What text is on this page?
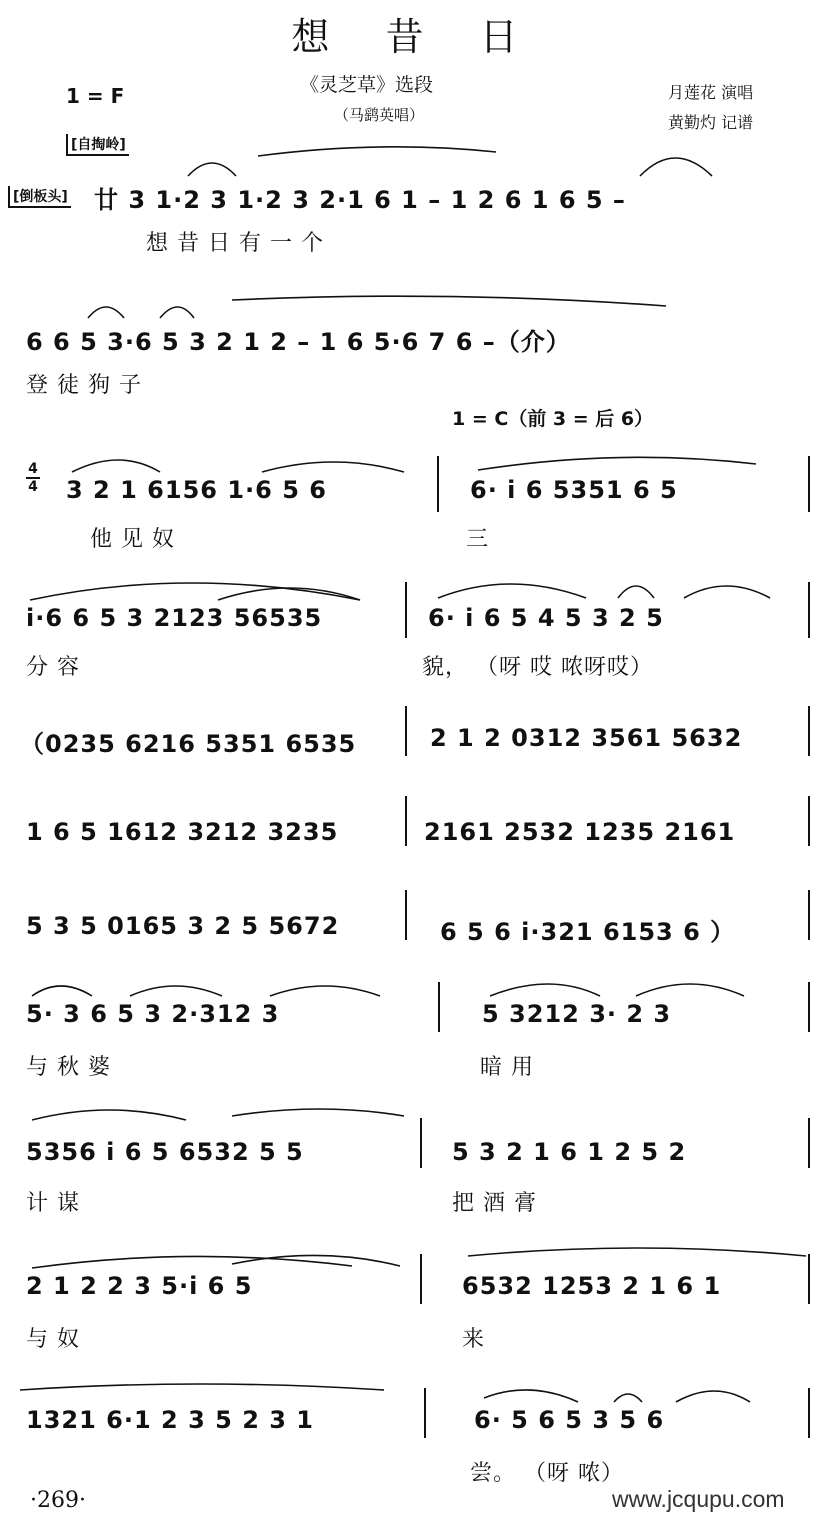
想 昔 日
《灵芝草》选段
（马鹞英唱）
1 = F	月莲花 演唱
黄勤灼 记谱
[自掏岭]
[倒板头] 廿 3 1·2 3 1·2 3 2·1 6 1 – 1 2 6 1 6 5 –
想 昔 日 有 一 个
6 6 5 3·6 5 3 2 1 2 – 1 6 5·6 7 6 –（介）
登 徒 狗 子
1 = C（前 3 = 后 6）
4
4 3 2 1 6156 1·6 5 6	6· i 6 5351 6 5
他 见 奴	三
i·6 6 5 3 2123 56535	6· i 6 5 4 5 3 2 5
分 容	貌， （呀 哎 哝呀哎）
（0235 6216 5351 6535	2 1 2 0312 3561 5632
1 6 5 1612 3212 3235	2161 2532 1235 2161
5 3 5 0165 3 2 5 5672	6 5 6 i·321 6153 6 ）
5· 3 6 5 3 2·312 3	5 3212 3· 2 3
与 秋 婆	暗 用
5356 i 6 5 6532 5 5	5 3 2 1 6 1 2 5 2
计 谋	把 酒 膏
2 1 2 2 3 5·i 6 5	6532 1253 2 1 6 1
与 奴	来
1321 6·1 2 3 5 2 3 1	6· 5 6 5 3 5 6
尝。 （呀 哝）
·269·	www.jcqupu.com
